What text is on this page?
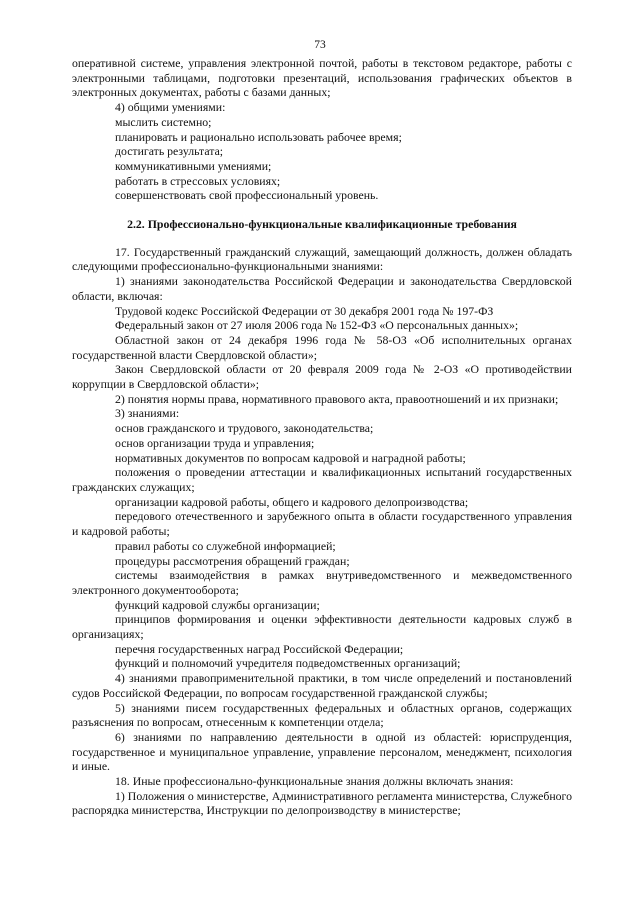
73

оперативной системе, управления электронной почтой, работы в текстовом редакторе, работы с электронными таблицами, подготовки презентаций, использования графических объектов в электронных документах, работы с базами данных;

4) общими умениями:

мыслить системно;

планировать и рационально использовать рабочее время;

достигать результата;

коммуникативными умениями;

работать в стрессовых условиях;

совершенствовать свой профессиональный уровень.

2.2. Профессионально-функциональные квалификационные требования

17. Государственный гражданский служащий, замещающий должность, должен обладать следующими профессионально-функциональными знаниями:

1) знаниями законодательства Российской Федерации и законодательства Свердловской области, включая:

Трудовой кодекс Российской Федерации от 30 декабря 2001 года № 197-ФЗ

Федеральный закон от 27 июля 2006 года № 152-ФЗ «О персональных данных»;

Областной закон от 24 декабря 1996 года № 58-ОЗ «Об исполнительных органах государственной власти Свердловской области»;

Закон Свердловской области от 20 февраля 2009 года № 2-ОЗ «О противодействии коррупции в Свердловской области»;

2) понятия нормы права, нормативного правового акта, правоотношений и их признаки;

3) знаниями:

основ гражданского и трудового, законодательства;

основ организации труда и управления;

нормативных документов по вопросам кадровой и наградной работы;

положения о проведении аттестации и квалификационных испытаний государственных гражданских служащих;

организации кадровой работы, общего и кадрового делопроизводства;

передового отечественного и зарубежного опыта в области государственного управления и кадровой работы;

правил работы со служебной информацией;

процедуры рассмотрения обращений граждан;

системы взаимодействия в рамках внутриведомственного и межведомственного электронного документооборота;

функций кадровой службы организации;

принципов формирования и оценки эффективности деятельности кадровых служб в организациях;

перечня государственных наград Российской Федерации;

функций и полномочий учредителя подведомственных организаций;

4) знаниями правоприменительной практики, в том числе определений и постановлений судов Российской Федерации, по вопросам государственной гражданской службы;

5) знаниями писем государственных федеральных и областных органов, содержащих разъяснения по вопросам, отнесенным к компетенции отдела;

6) знаниями по направлению деятельности в одной из областей: юриспруденция, государственное и муниципальное управление, управление персоналом, менеджмент, психология и иные.

18. Иные профессионально-функциональные знания должны включать знания:

1) Положения о министерстве, Административного регламента министерства, Служебного распорядка министерства, Инструкции по делопроизводству в министерстве;
